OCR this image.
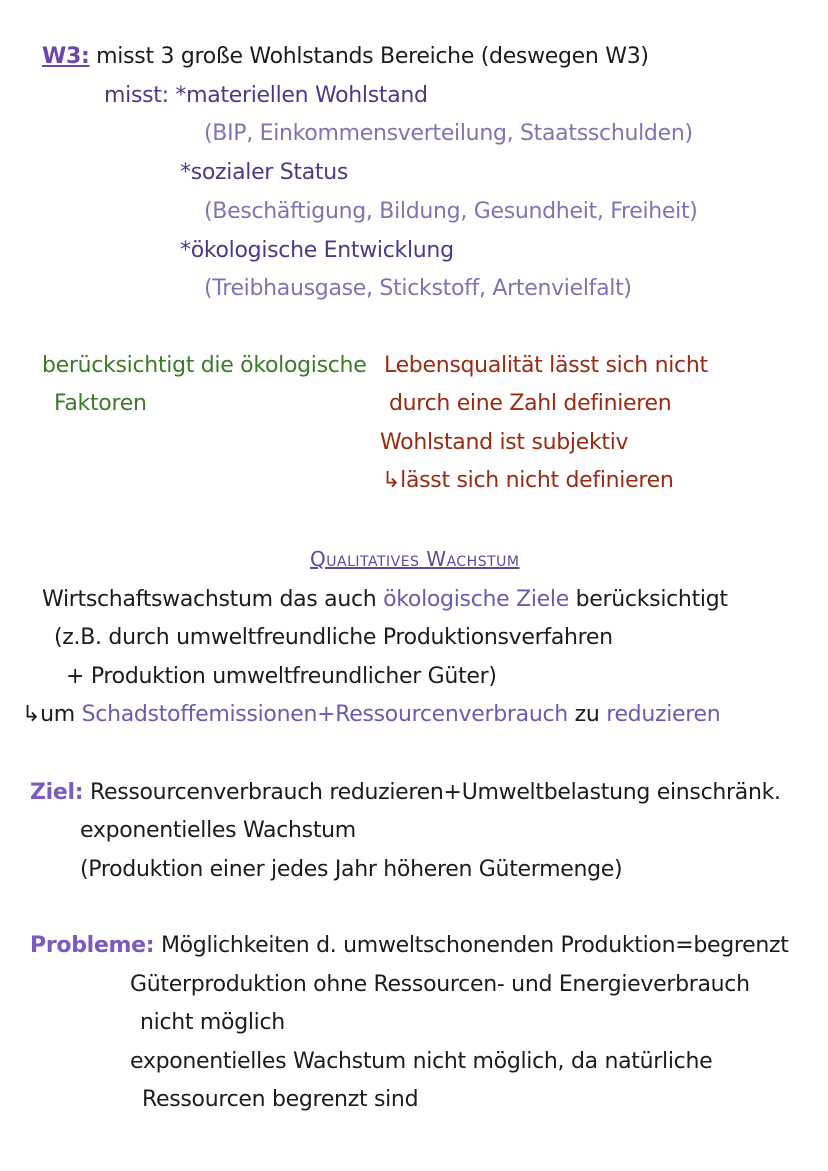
W3: misst 3 große Wohlstands Bereiche (deswegen W3)
misst: *materiellen Wohlstand
(BIP, Einkommensverteilung, Staatsschulden)
*sozialer Status
(Beschäftigung, Bildung, Gesundheit, Freiheit)
*ökologische Entwicklung
(Treibhausgase, Stickstoff, Artenvielfalt)
berücksichtigt die ökologische
Faktoren
Lebensqualität lässt sich nicht
durch eine Zahl definieren
Wohlstand ist subjektiv
↳lässt sich nicht definieren
Qualitatives Wachstum
Wirtschaftswachstum das auch ökologische Ziele berücksichtigt
(z.B. durch umweltfreundliche Produktionsverfahren
+ Produktion umweltfreundlicher Güter)
↳um Schadstoffemissionen+Ressourcenverbrauch zu reduzieren
Ziel: Ressourcenverbrauch reduzieren+Umweltbelastung einschränk.
exponentielles Wachstum
(Produktion einer jedes Jahr höheren Gütermenge)
Probleme: Möglichkeiten d. umweltschonenden Produktion=begrenzt
Güterproduktion ohne Ressourcen- und Energieverbrauch
nicht möglich
exponentielles Wachstum nicht möglich, da natürliche
Ressourcen begrenzt sind
